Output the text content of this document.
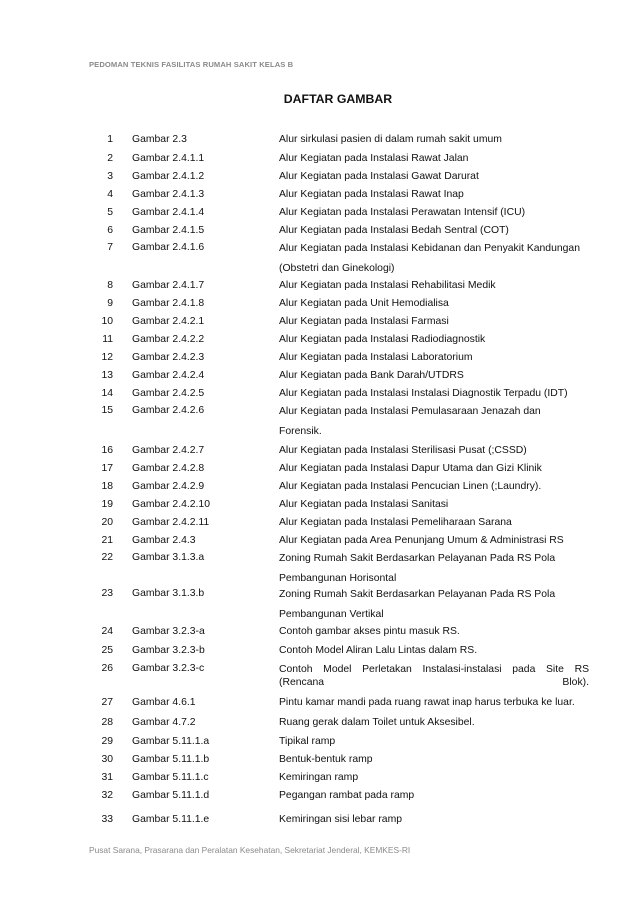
PEDOMAN TEKNIS FASILITAS RUMAH SAKIT KELAS B
DAFTAR GAMBAR
1 Gambar 2.3	Alur sirkulasi pasien di dalam rumah sakit umum
2 Gambar 2.4.1.1	Alur Kegiatan pada Instalasi Rawat Jalan
3 Gambar 2.4.1.2	Alur Kegiatan pada Instalasi Gawat Darurat
4 Gambar 2.4.1.3	Alur Kegiatan pada Instalasi Rawat Inap
5 Gambar 2.4.1.4	Alur Kegiatan pada Instalasi Perawatan Intensif (ICU)
6 Gambar 2.4.1.5	Alur Kegiatan pada Instalasi Bedah Sentral (COT)
7 Gambar 2.4.1.6	Alur Kegiatan pada Instalasi Kebidanan dan Penyakit Kandungan (Obstetri dan Ginekologi)
8 Gambar 2.4.1.7	Alur Kegiatan pada Instalasi Rehabilitasi Medik
9 Gambar 2.4.1.8	Alur Kegiatan pada Unit Hemodialisa
10 Gambar 2.4.2.1	Alur Kegiatan pada Instalasi Farmasi
11 Gambar 2.4.2.2	Alur Kegiatan pada Instalasi Radiodiagnostik
12 Gambar 2.4.2.3	Alur Kegiatan pada Instalasi Laboratorium
13 Gambar 2.4.2.4	Alur Kegiatan pada Bank Darah/UTDRS
14 Gambar 2.4.2.5	Alur Kegiatan pada Instalasi Instalasi Diagnostik Terpadu (IDT)
15 Gambar 2.4.2.6	Alur Kegiatan pada Instalasi Pemulasaraan Jenazah dan Forensik.
16 Gambar 2.4.2.7	Alur Kegiatan pada Instalasi Sterilisasi Pusat (;CSSD)
17 Gambar 2.4.2.8	Alur Kegiatan pada Instalasi Dapur Utama dan Gizi Klinik
18 Gambar 2.4.2.9	Alur Kegiatan pada Instalasi Pencucian Linen (;Laundry).
19 Gambar 2.4.2.10	Alur Kegiatan pada Instalasi Sanitasi
20 Gambar 2.4.2.11	Alur Kegiatan pada Instalasi Pemeliharaan Sarana
21 Gambar 2.4.3	Alur Kegiatan pada Area Penunjang Umum & Administrasi RS
22 Gambar 3.1.3.a	Zoning Rumah Sakit Berdasarkan Pelayanan Pada RS Pola Pembangunan Horisontal
23 Gambar 3.1.3.b	Zoning Rumah Sakit Berdasarkan Pelayanan Pada RS Pola Pembangunan Vertikal
24 Gambar 3.2.3-a	Contoh gambar akses pintu masuk RS.
25 Gambar 3.2.3-b	Contoh Model Aliran Lalu Lintas dalam RS.
26 Gambar 3.2.3-c	Contoh Model Perletakan Instalasi-instalasi pada Site RS (Rencana Blok).
27 Gambar 4.6.1	Pintu kamar mandi pada ruang rawat inap harus terbuka ke luar.
28 Gambar 4.7.2	Ruang gerak dalam Toilet untuk Aksesibel.
29 Gambar 5.11.1.a	Tipikal ramp
30 Gambar 5.11.1.b	Bentuk-bentuk ramp
31 Gambar 5.11.1.c	Kemiringan ramp
32 Gambar 5.11.1.d	Pegangan rambat pada ramp
33 Gambar 5.11.1.e	Kemiringan sisi lebar ramp
Pusat Sarana, Prasarana dan Peralatan Kesehatan, Sekretariat Jenderal, KEMKES-RI
